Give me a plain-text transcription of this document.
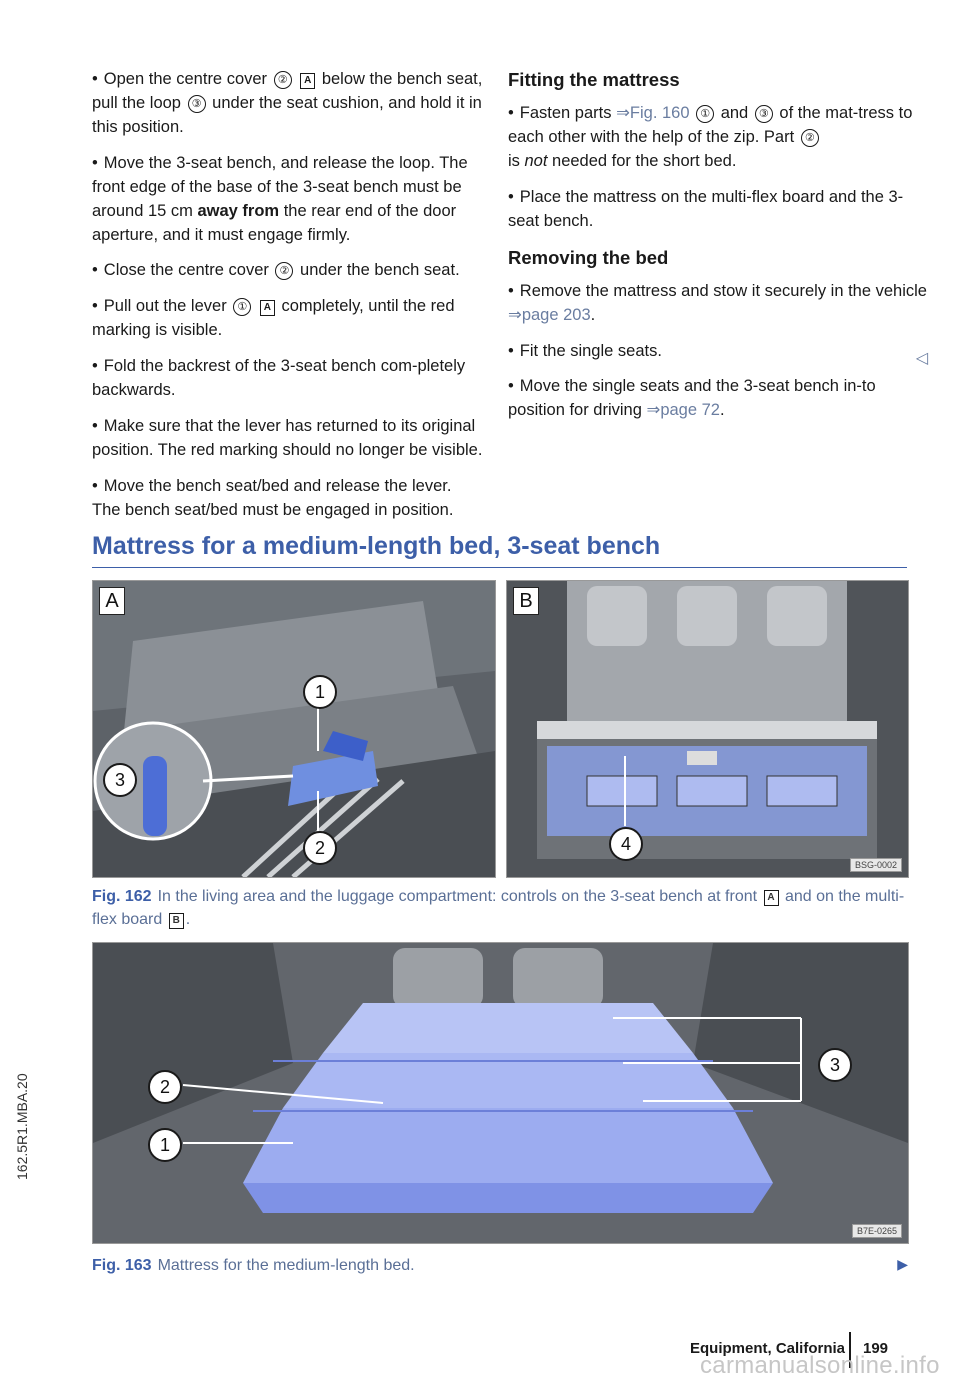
162.5R1.MBA.20

• Open the centre cover ② A below the bench seat, pull the loop ③ under the seat cushion, and hold it in this position.

• Move the 3-seat bench, and release the loop. The front edge of the base of the 3-seat bench must be around 15 cm away from the rear end of the door aperture, and it must engage firmly.

• Close the centre cover ② under the bench seat.

• Pull out the lever ① A completely, until the red marking is visible.

• Fold the backrest of the 3-seat bench com-pletely backwards.

• Make sure that the lever has returned to its original position. The red marking should no longer be visible.

• Move the bench seat/bed and release the lever. The bench seat/bed must be engaged in position.

Fitting the mattress

• Fasten parts ⇒Fig. 160 ① and ③ of the mat-tress to each other with the help of the zip. Part ②
is not needed for the short bed.

• Place the mattress on the multi-flex board and the 3-seat bench.

Removing the bed

• Remove the mattress and stow it securely in the vehicle ⇒page 203.

• Fit the single seats.

• Move the single seats and the 3-seat bench in-to position for driving ⇒page 72.

◁
Mattress for a medium-length bed, 3-seat bench
A
1
3
2
B
4
BSG-0002
Fig. 162 In the living area and the luggage compartment: controls on the 3-seat bench at front A and on the multi-flex board B .
2
1
3
B7E-0265
Fig. 163 Mattress for the medium-length bed.	▶
Equipment, California 199
carmanualsonline.info
